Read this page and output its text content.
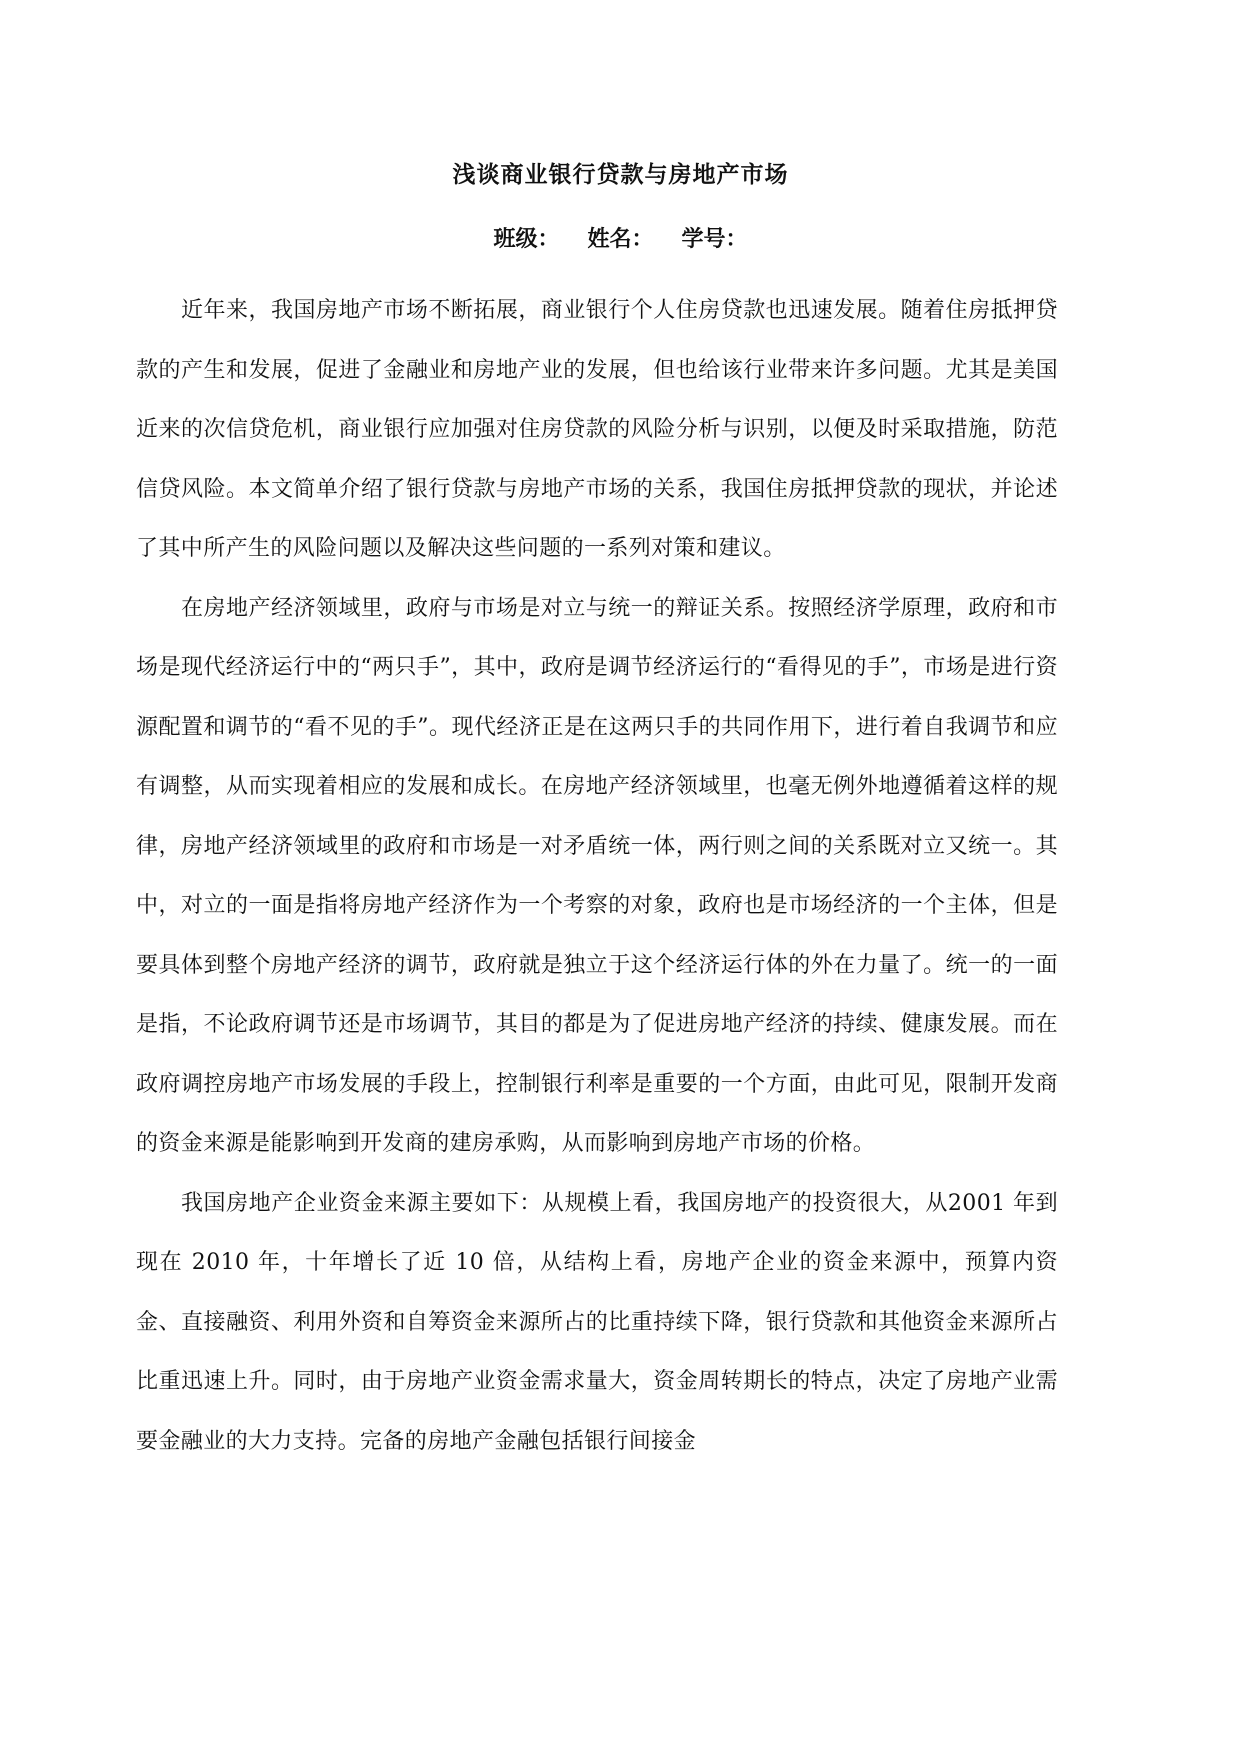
浅谈商业银行贷款与房地产市场
班级： 姓名： 学号：

近年来，我国房地产市场不断拓展，商业银行个人住房贷款也迅速发展。随着住房抵押贷款的产生和发展，促进了金融业和房地产业的发展，但也给该行业带来许多问题。尤其是美国近来的次信贷危机，商业银行应加强对住房贷款的风险分析与识别，以便及时采取措施，防范信贷风险。本文简单介绍了银行贷款与房地产市场的关系，我国住房抵押贷款的现状，并论述了其中所产生的风险问题以及解决这些问题的一系列对策和建议。

在房地产经济领域里，政府与市场是对立与统一的辩证关系。按照经济学原理，政府和市场是现代经济运行中的“两只手”，其中，政府是调节经济运行的“看得见的手”，市场是进行资源配置和调节的“看不见的手”。现代经济正是在这两只手的共同作用下，进行着自我调节和应有调整，从而实现着相应的发展和成长。在房地产经济领域里，也毫无例外地遵循着这样的规律，房地产经济领域里的政府和市场是一对矛盾统一体，两行则之间的关系既对立又统一。其中，对立的一面是指将房地产经济作为一个考察的对象，政府也是市场经济的一个主体，但是要具体到整个房地产经济的调节，政府就是独立于这个经济运行体的外在力量了。统一的一面是指，不论政府调节还是市场调节，其目的都是为了促进房地产经济的持续、健康发展。而在政府调控房地产市场发展的手段上，控制银行利率是重要的一个方面，由此可见，限制开发商的资金来源是能影响到开发商的建房承购，从而影响到房地产市场的价格。

我国房地产企业资金来源主要如下：从规模上看，我国房地产的投资很大，从2001 年到现在 2010 年，十年增长了近 10 倍，从结构上看，房地产企业的资金来源中，预算内资金、直接融资、利用外资和自筹资金来源所占的比重持续下降，银行贷款和其他资金来源所占比重迅速上升。同时，由于房地产业资金需求量大，资金周转期长的特点，决定了房地产业需要金融业的大力支持。完备的房地产金融包括银行间接金
